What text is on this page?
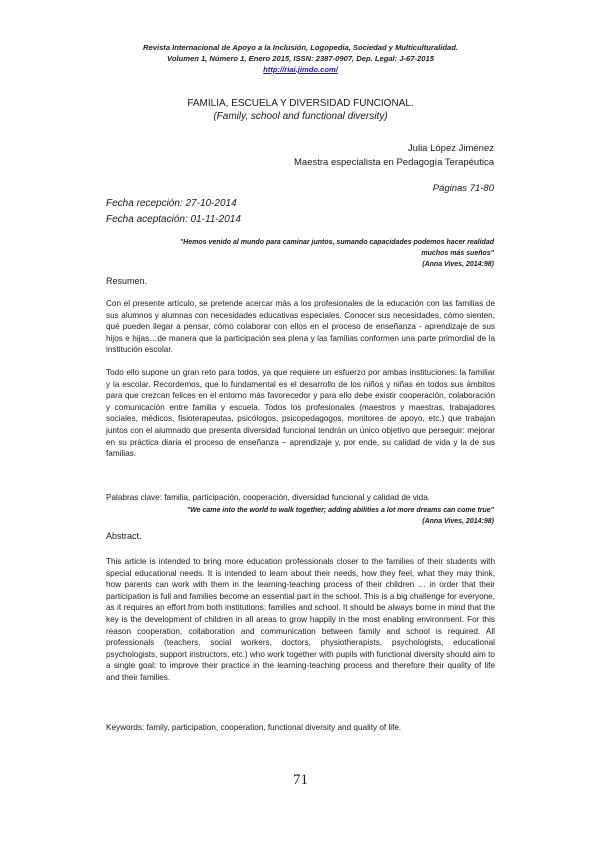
Revista Internacional de Apoyo a la Inclusión, Logopedia, Sociedad y Multiculturalidad.
Volumen 1, Número 1, Enero 2015, ISSN: 2387-0907, Dep. Legal: J-67-2015
http://riai.jimdo.com/
FAMILIA, ESCUELA Y DIVERSIDAD FUNCIONAL.
(Family, school and functional diversity)
Julia López Jiménez
Maestra especialista en Pedagogía Terapéutica
Páginas 71-80
Fecha recepción: 27-10-2014
Fecha aceptación: 01-11-2014
"Hemos venido al mundo para caminar juntos, sumando capacidades podemos hacer realidad muchos más sueños"
(Anna Vives, 2014:98)
Resumen.
Con el presente artículo, se pretende acercar más a los profesionales de la educación con las familias de sus alumnos y alumnas con necesidades educativas especiales. Conocer sus necesidades, cómo sienten, qué pueden llegar a pensar, cómo colaborar con ellos en el proceso de enseñanza - aprendizaje de sus hijos e hijas…de manera que la participación sea plena y las familias conformen una parte primordial de la institución escolar.
Todo ello supone un gran reto para todos, ya que requiere un esfuerzo por ambas instituciones: la familiar y la escolar. Recordemos, que lo fundamental es el desarrollo de los niños y niñas en todos sus ámbitos para que crezcan felices en el entorno más favorecedor y para ello debe existir cooperación, colaboración y comunicación entre familia y escuela. Todos los profesionales (maestros y maestras, trabajadores sociales, médicos, fisioterapeutas, psicólogos, psicopedagogos, monitores de apoyo, etc.) que trabajan juntos con el alumnado que presenta diversidad funcional tendrán un único objetivo que perseguir: mejorar en su práctica diaria el proceso de enseñanza – aprendizaje y, por ende, su calidad de vida y la de sus familias.
Palabras clave: familia, participación, cooperación, diversidad funcional y calidad de vida.
"We came into the world to walk together; adding abilities a lot more dreams can come true"
(Anna Vives, 2014:98)
Abstract.
This article is intended to bring more education professionals closer to the families of their students with special educational needs. It is intended to learn about their needs, how they feel, what they may think, how parents can work with them in the learning-teaching process of their children … in order that their participation is full and families become an essential part in the school. This is a big challenge for everyone, as it requires an effort from both institutions: families and school. It should be always borne in mind that the key is the development of children in all areas to grow happily in the most enabling environment. For this reason cooperation, collaboration and communication between family and school is required. All professionals (teachers, social workers, doctors, physiotherapists, psychologists, educational psychologists, support instructors, etc.) who work together with pupils with functional diversity should aim to a single goal: to improve their practice in the learning-teaching process and therefore their quality of life and their families.
Keywords: family, participation, cooperation, functional diversity and quality of life.
71
